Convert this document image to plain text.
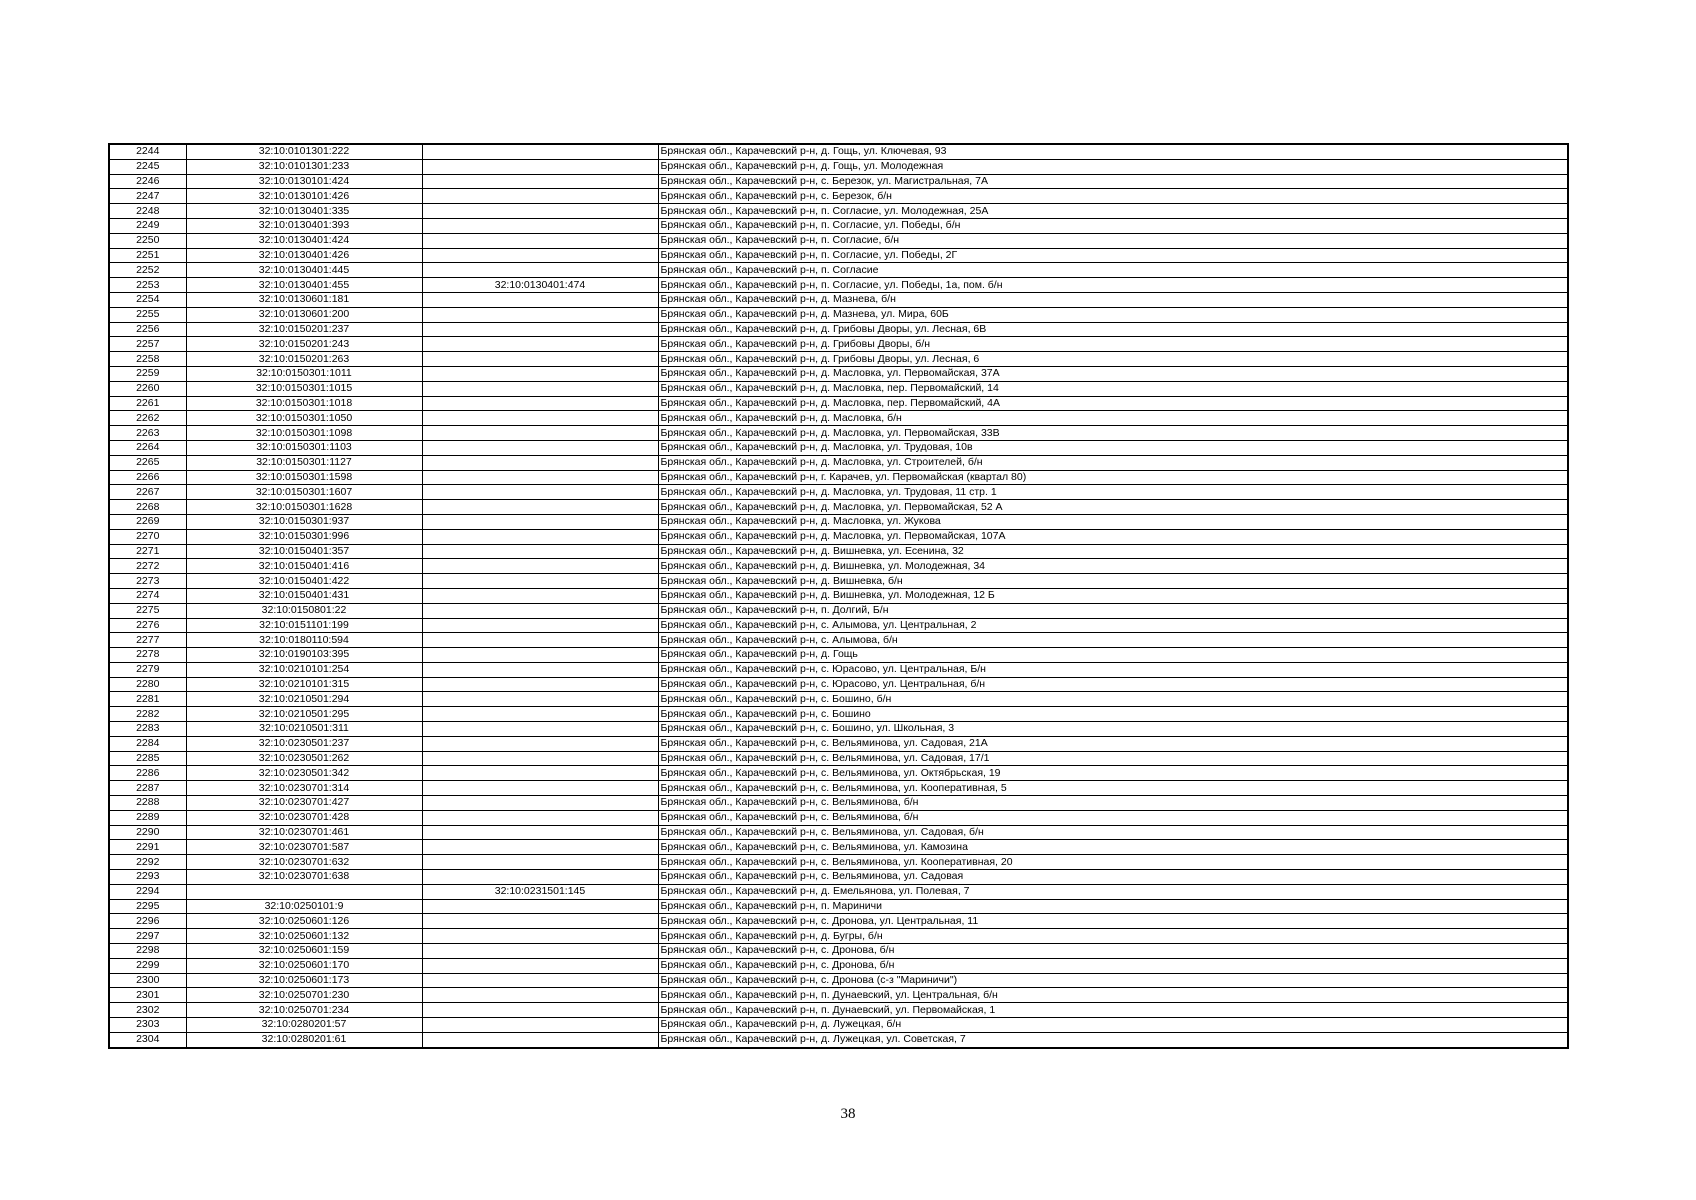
2244	32:10:0101301:222		Брянская обл., Карачевский р-н, д. Гощь, ул. Ключевая, 93
2245	32:10:0101301:233		Брянская обл., Карачевский р-н, д. Гощь, ул. Молодежная
2246	32:10:0130101:424		Брянская обл., Карачевский р-н, с. Березок, ул. Магистральная, 7А
2247	32:10:0130101:426		Брянская обл., Карачевский р-н, с. Березок, б/н
2248	32:10:0130401:335		Брянская обл., Карачевский р-н, п. Согласие, ул. Молодежная, 25А
2249	32:10:0130401:393		Брянская обл., Карачевский р-н, п. Согласие, ул. Победы, б/н
2250	32:10:0130401:424		Брянская обл., Карачевский р-н, п. Согласие, б/н
2251	32:10:0130401:426		Брянская обл., Карачевский р-н, п. Согласие, ул. Победы, 2Г
2252	32:10:0130401:445		Брянская обл., Карачевский р-н, п. Согласие
2253	32:10:0130401:455	32:10:0130401:474	Брянская обл., Карачевский р-н, п. Согласие, ул. Победы, 1а, пом. б/н
2254	32:10:0130601:181		Брянская обл., Карачевский р-н, д. Мазнева, б/н
2255	32:10:0130601:200		Брянская обл., Карачевский р-н, д. Мазнева, ул. Мира, 60Б
2256	32:10:0150201:237		Брянская обл., Карачевский р-н, д. Грибовы Дворы, ул. Лесная, 6В
2257	32:10:0150201:243		Брянская обл., Карачевский р-н, д. Грибовы Дворы, б/н
2258	32:10:0150201:263		Брянская обл., Карачевский р-н, д. Грибовы Дворы, ул. Лесная, 6
2259	32:10:0150301:1011		Брянская обл., Карачевский р-н, д. Масловка, ул. Первомайская, 37А
2260	32:10:0150301:1015		Брянская обл., Карачевский р-н, д. Масловка, пер. Первомайский, 14
2261	32:10:0150301:1018		Брянская обл., Карачевский р-н, д. Масловка, пер. Первомайский, 4А
2262	32:10:0150301:1050		Брянская обл., Карачевский р-н, д. Масловка, б/н
2263	32:10:0150301:1098		Брянская обл., Карачевский р-н, д. Масловка, ул. Первомайская, 33В
2264	32:10:0150301:1103		Брянская обл., Карачевский р-н, д. Масловка, ул. Трудовая, 10в
2265	32:10:0150301:1127		Брянская обл., Карачевский р-н, д. Масловка, ул. Строителей, б/н
2266	32:10:0150301:1598		Брянская обл., Карачевский р-н, г. Карачев, ул. Первомайская (квартал 80)
2267	32:10:0150301:1607		Брянская обл., Карачевский р-н, д. Масловка, ул. Трудовая, 11 стр. 1
2268	32:10:0150301:1628		Брянская обл., Карачевский р-н, д. Масловка, ул. Первомайская, 52 А
2269	32:10:0150301:937		Брянская обл., Карачевский р-н, д. Масловка, ул. Жукова
2270	32:10:0150301:996		Брянская обл., Карачевский р-н, д. Масловка, ул. Первомайская, 107А
2271	32:10:0150401:357		Брянская обл., Карачевский р-н, д. Вишневка, ул. Есенина, 32
2272	32:10:0150401:416		Брянская обл., Карачевский р-н, д. Вишневка, ул. Молодежная, 34
2273	32:10:0150401:422		Брянская обл., Карачевский р-н, д. Вишневка, б/н
2274	32:10:0150401:431		Брянская обл., Карачевский р-н, д. Вишневка, ул. Молодежная, 12 Б
2275	32:10:0150801:22		Брянская обл., Карачевский р-н, п. Долгий, Б/н
2276	32:10:0151101:199		Брянская обл., Карачевский р-н, с. Алымова, ул. Центральная, 2
2277	32:10:0180110:594		Брянская обл., Карачевский р-н, с. Алымова, б/н
2278	32:10:0190103:395		Брянская обл., Карачевский р-н, д. Гощь
2279	32:10:0210101:254		Брянская обл., Карачевский р-н, с. Юрасово, ул. Центральная, Б/н
2280	32:10:0210101:315		Брянская обл., Карачевский р-н, с. Юрасово, ул. Центральная, б/н
2281	32:10:0210501:294		Брянская обл., Карачевский р-н, с. Бошино, б/н
2282	32:10:0210501:295		Брянская обл., Карачевский р-н, с. Бошино
2283	32:10:0210501:311		Брянская обл., Карачевский р-н, с. Бошино, ул. Школьная, 3
2284	32:10:0230501:237		Брянская обл., Карачевский р-н, с. Вельяминова, ул. Садовая, 21А
2285	32:10:0230501:262		Брянская обл., Карачевский р-н, с. Вельяминова, ул. Садовая, 17/1
2286	32:10:0230501:342		Брянская обл., Карачевский р-н, с. Вельяминова, ул. Октябрьская, 19
2287	32:10:0230701:314		Брянская обл., Карачевский р-н, с. Вельяминова, ул. Кооперативная, 5
2288	32:10:0230701:427		Брянская обл., Карачевский р-н, с. Вельяминова, б/н
2289	32:10:0230701:428		Брянская обл., Карачевский р-н, с. Вельяминова, б/н
2290	32:10:0230701:461		Брянская обл., Карачевский р-н, с. Вельяминова, ул. Садовая, б/н
2291	32:10:0230701:587		Брянская обл., Карачевский р-н, с. Вельяминова, ул. Камозина
2292	32:10:0230701:632		Брянская обл., Карачевский р-н, с. Вельяминова, ул. Кооперативная, 20
2293	32:10:0230701:638		Брянская обл., Карачевский р-н, с. Вельяминова, ул. Садовая
2294		32:10:0231501:145	Брянская обл., Карачевский р-н, д. Емельянова, ул. Полевая, 7
2295	32:10:0250101:9		Брянская обл., Карачевский р-н, п. Мариничи
2296	32:10:0250601:126		Брянская обл., Карачевский р-н, с. Дронова, ул. Центральная, 11
2297	32:10:0250601:132		Брянская обл., Карачевский р-н, д. Бугры, б/н
2298	32:10:0250601:159		Брянская обл., Карачевский р-н, с. Дронова, б/н
2299	32:10:0250601:170		Брянская обл., Карачевский р-н, с. Дронова, б/н
2300	32:10:0250601:173		Брянская обл., Карачевский р-н, с. Дронова (с-з "Мариничи")
2301	32:10:0250701:230		Брянская обл., Карачевский р-н, п. Дунаевский, ул. Центральная, б/н
2302	32:10:0250701:234		Брянская обл., Карачевский р-н, п. Дунаевский, ул. Первомайская, 1
2303	32:10:0280201:57		Брянская обл., Карачевский р-н, д. Лужецкая, б/н
2304	32:10:0280201:61		Брянская обл., Карачевский р-н, д. Лужецкая, ул. Советская, 7
38
